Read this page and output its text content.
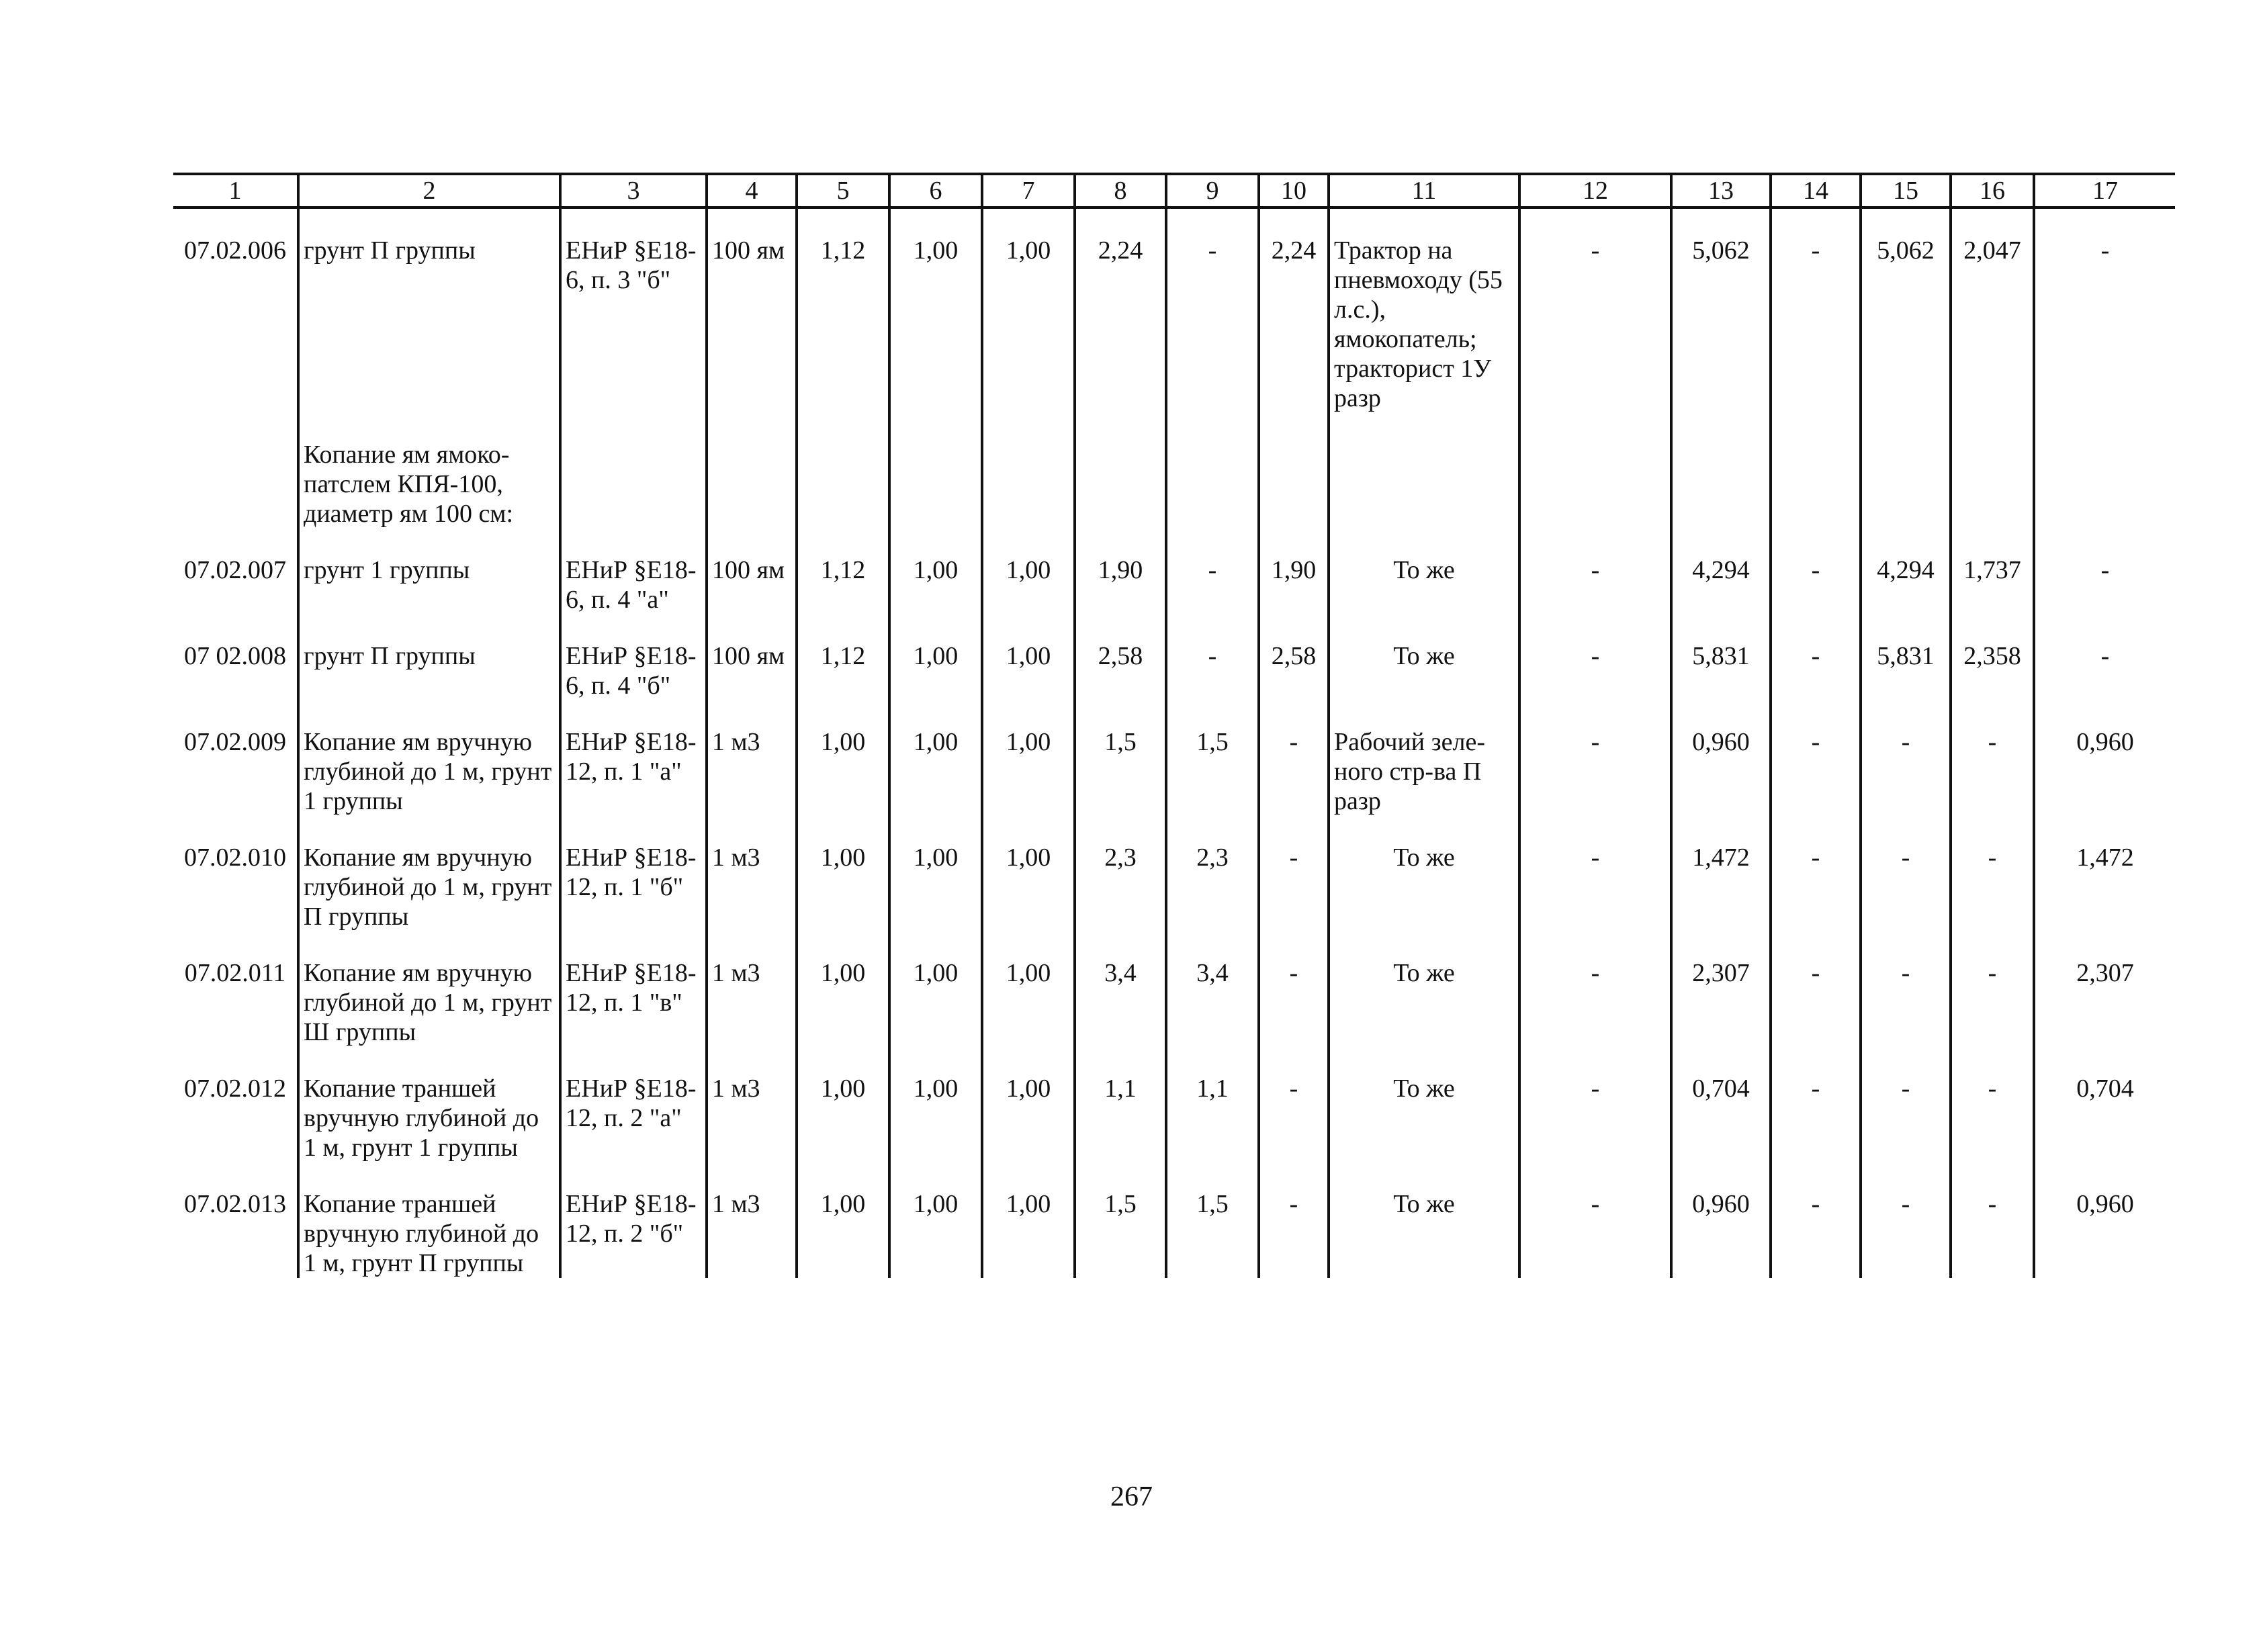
1	2	3	4	5	6	7	8	9	10	11	12	13	14	15	16	17
07.02.006	грунт П группы	ЕНиР §Е18-6, п. 3 "б"	100 ям	1,12	1,00	1,00	2,24	-	2,24	Трактор на пневмоходу (55 л.с.), ямокопатель; тракторист 1У разр	-	5,062	-	5,062	2,047	-
	Копание ям ямоко-патслем КПЯ-100, диаметр ям 100 см:															
07.02.007	грунт 1 группы	ЕНиР §Е18-6, п. 4 "а"	100 ям	1,12	1,00	1,00	1,90	-	1,90	То же	-	4,294	-	4,294	1,737	-
07 02.008	грунт П группы	ЕНиР §Е18-6, п. 4 "б"	100 ям	1,12	1,00	1,00	2,58	-	2,58	То же	-	5,831	-	5,831	2,358	-
07.02.009	Копание ям вручную глубиной до 1 м, грунт 1 группы	ЕНиР §Е18-12, п. 1 "а"	1 м3	1,00	1,00	1,00	1,5	1,5	-	Рабочий зеле-ного стр-ва П разр	-	0,960	-	-	-	0,960
07.02.010	Копание ям вручную глубиной до 1 м, грунт П группы	ЕНиР §Е18-12, п. 1 "б"	1 м3	1,00	1,00	1,00	2,3	2,3	-	То же	-	1,472	-	-	-	1,472
07.02.011	Копание ям вручную глубиной до 1 м, грунт Ш группы	ЕНиР §Е18-12, п. 1 "в"	1 м3	1,00	1,00	1,00	3,4	3,4	-	То же	-	2,307	-	-	-	2,307
07.02.012	Копание траншей вручную глубиной до 1 м, грунт 1 группы	ЕНиР §Е18-12, п. 2 "а"	1 м3	1,00	1,00	1,00	1,1	1,1	-	То же	-	0,704	-	-	-	0,704
07.02.013	Копание траншей вручную глубиной до 1 м, грунт П группы	ЕНиР §Е18-12, п. 2 "б"	1 м3	1,00	1,00	1,00	1,5	1,5	-	То же	-	0,960	-	-	-	0,960
267
